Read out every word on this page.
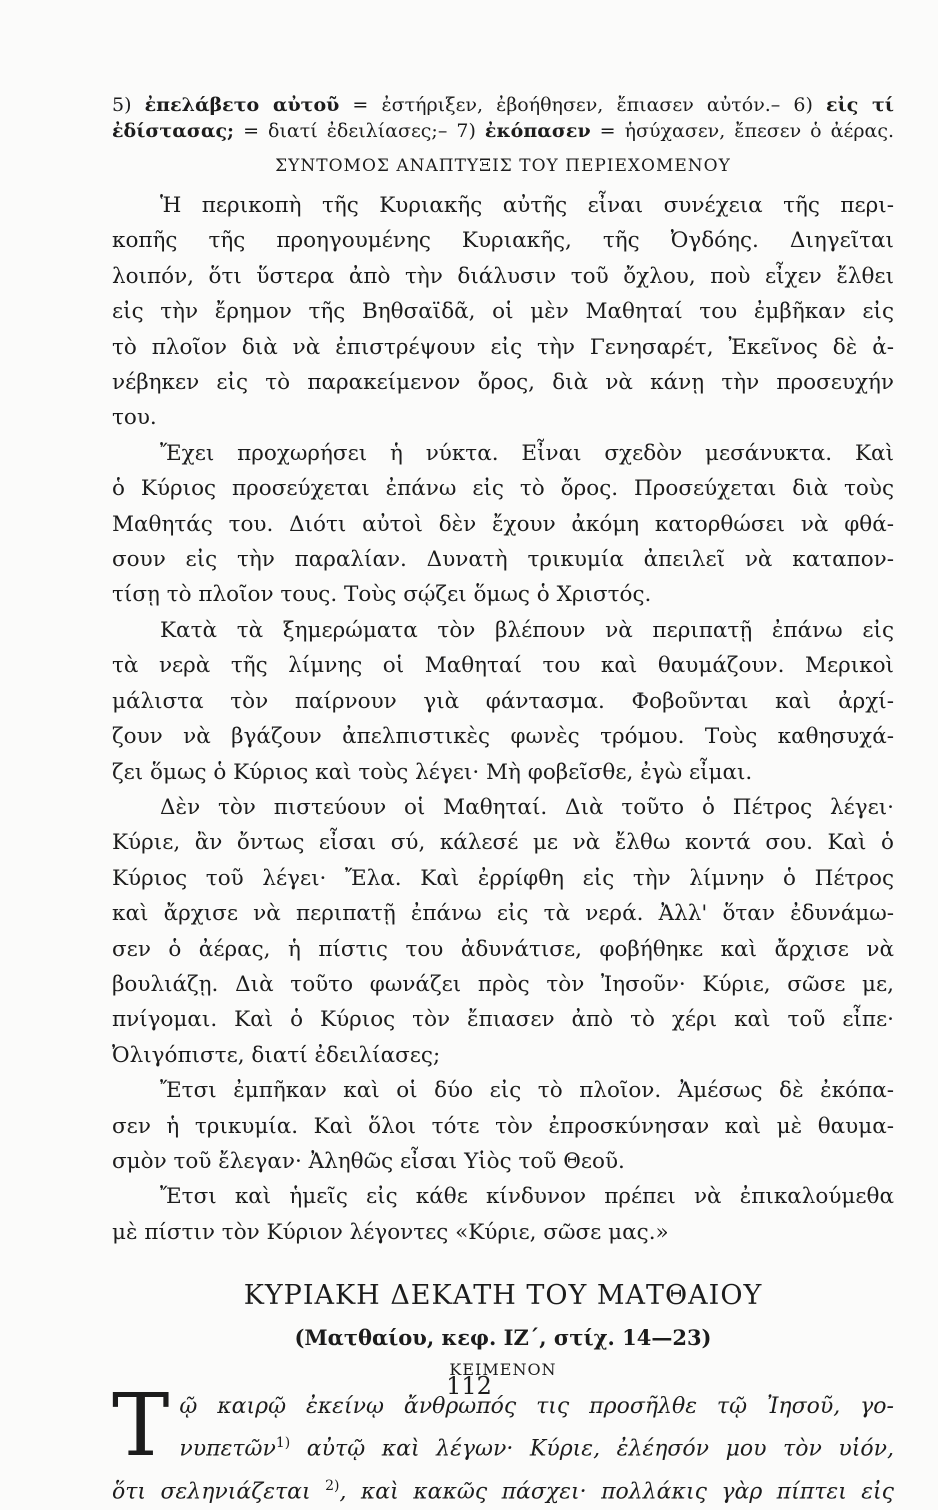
5) ἐπελάβετο αὐτοῦ = ἐστήριξεν, ἐβοήθησεν, ἔπιασεν αὐτόν.– 6) εἰς τί

ἐδίστασας; = διατί ἐδειλίασες;– 7) ἐκόπασεν = ἡσύχασεν, ἔπεσεν ὁ ἀέρας.

ΣΥΝΤΟΜΟΣ ΑΝΑΠΤΥΞΙΣ ΤΟΥ ΠΕΡΙΕΧΟΜΕΝΟΥ
Ἡ περικοπὴ τῆς Κυριακῆς αὐτῆς εἶναι συνέχεια τῆς περι-
κοπῆς τῆς προηγουμένης Κυριακῆς, τῆς Ὀγδόης. Διηγεῖται
λοιπόν, ὅτι ὕστερα ἀπὸ τὴν διάλυσιν τοῦ ὄχλου, ποὺ εἶχεν ἔλθει
εἰς τὴν ἔρημον τῆς Βηθσαϊδᾶ, οἱ μὲν Μαθηταί του ἐμβῆκαν εἰς
τὸ πλοῖον διὰ νὰ ἐπιστρέψουν εἰς τὴν Γενησαρέτ, Ἐκεῖνος δὲ ἀ-
νέβηκεν εἰς τὸ παρακείμενον ὄρος, διὰ νὰ κάνῃ τὴν προσευχήν
του.
Ἔχει προχωρήσει ἡ νύκτα. Εἶναι σχεδὸν μεσάνυκτα. Καὶ
ὁ Κύριος προσεύχεται ἐπάνω εἰς τὸ ὄρος. Προσεύχεται διὰ τοὺς
Μαθητάς του. Διότι αὐτοὶ δὲν ἔχουν ἀκόμη κατορθώσει νὰ φθά-
σουν εἰς τὴν παραλίαν. Δυνατὴ τρικυμία ἀπειλεῖ νὰ καταπον-
τίσῃ τὸ πλοῖον τους. Τοὺς σῴζει ὅμως ὁ Χριστός.
Κατὰ τὰ ξημερώματα τὸν βλέπουν νὰ περιπατῇ ἐπάνω εἰς
τὰ νερὰ τῆς λίμνης οἱ Μαθηταί του καὶ θαυμάζουν. Μερικοὶ
μάλιστα τὸν παίρνουν γιὰ φάντασμα. Φοβοῦνται καὶ ἀρχί-
ζουν νὰ βγάζουν ἀπελπιστικὲς φωνὲς τρόμου. Τοὺς καθησυχά-
ζει ὅμως ὁ Κύριος καὶ τοὺς λέγει· Μὴ φοβεῖσθε, ἐγὼ εἶμαι.
Δὲν τὸν πιστεύουν οἱ Μαθηταί. Διὰ τοῦτο ὁ Πέτρος λέγει·
Κύριε, ἂν ὄντως εἶσαι σύ, κάλεσέ με νὰ ἔλθω κοντά σου. Καὶ ὁ
Κύριος τοῦ λέγει· Ἔλα. Καὶ ἐρρίφθη εἰς τὴν λίμνην ὁ Πέτρος
καὶ ἄρχισε νὰ περιπατῇ ἐπάνω εἰς τὰ νερά. Ἀλλ' ὅταν ἐδυνάμω-
σεν ὁ ἀέρας, ἡ πίστις του ἀδυνάτισε, φοβήθηκε καὶ ἄρχισε νὰ
βουλιάζῃ. Διὰ τοῦτο φωνάζει πρὸς τὸν Ἰησοῦν· Κύριε, σῶσε με,
πνίγομαι. Καὶ ὁ Κύριος τὸν ἔπιασεν ἀπὸ τὸ χέρι καὶ τοῦ εἶπε·
Ὀλιγόπιστε, διατί ἐδειλίασες;
Ἔτσι ἐμπῆκαν καὶ οἱ δύο εἰς τὸ πλοῖον. Ἀμέσως δὲ ἐκόπα-
σεν ἡ τρικυμία. Καὶ ὅλοι τότε τὸν ἐπροσκύνησαν καὶ μὲ θαυμα-
σμὸν τοῦ ἔλεγαν· Ἀληθῶς εἶσαι Υἱὸς τοῦ Θεοῦ.
Ἔτσι καὶ ἡμεῖς εἰς κάθε κίνδυνον πρέπει νὰ ἐπικαλούμεθα
μὲ πίστιν τὸν Κύριον λέγοντες «Κύριε, σῶσε μας.»
ΚΥΡΙΑΚΗ ΔΕΚΑΤΗ ΤΟΥ ΜΑΤΘΑΙΟΥ
(Ματθαίου, κεφ. ΙΖ΄, στίχ. 14—23)
ΚΕΙΜΕΝΟΝ
Τ ῷ καιρῷ ἐκείνῳ ἄνθρωπός τις προσῆλθε τῷ Ἰησοῦ, γο-
νυπετῶν$^{1)}$ αὐτῷ καὶ λέγων· Κύριε, ἐλέησόν μου τὸν υἱόν,
ὅτι σεληνιάζεται $^{2)}$, καὶ κακῶς πάσχει· πολλάκις γὰρ πίπτει εἰς
112
